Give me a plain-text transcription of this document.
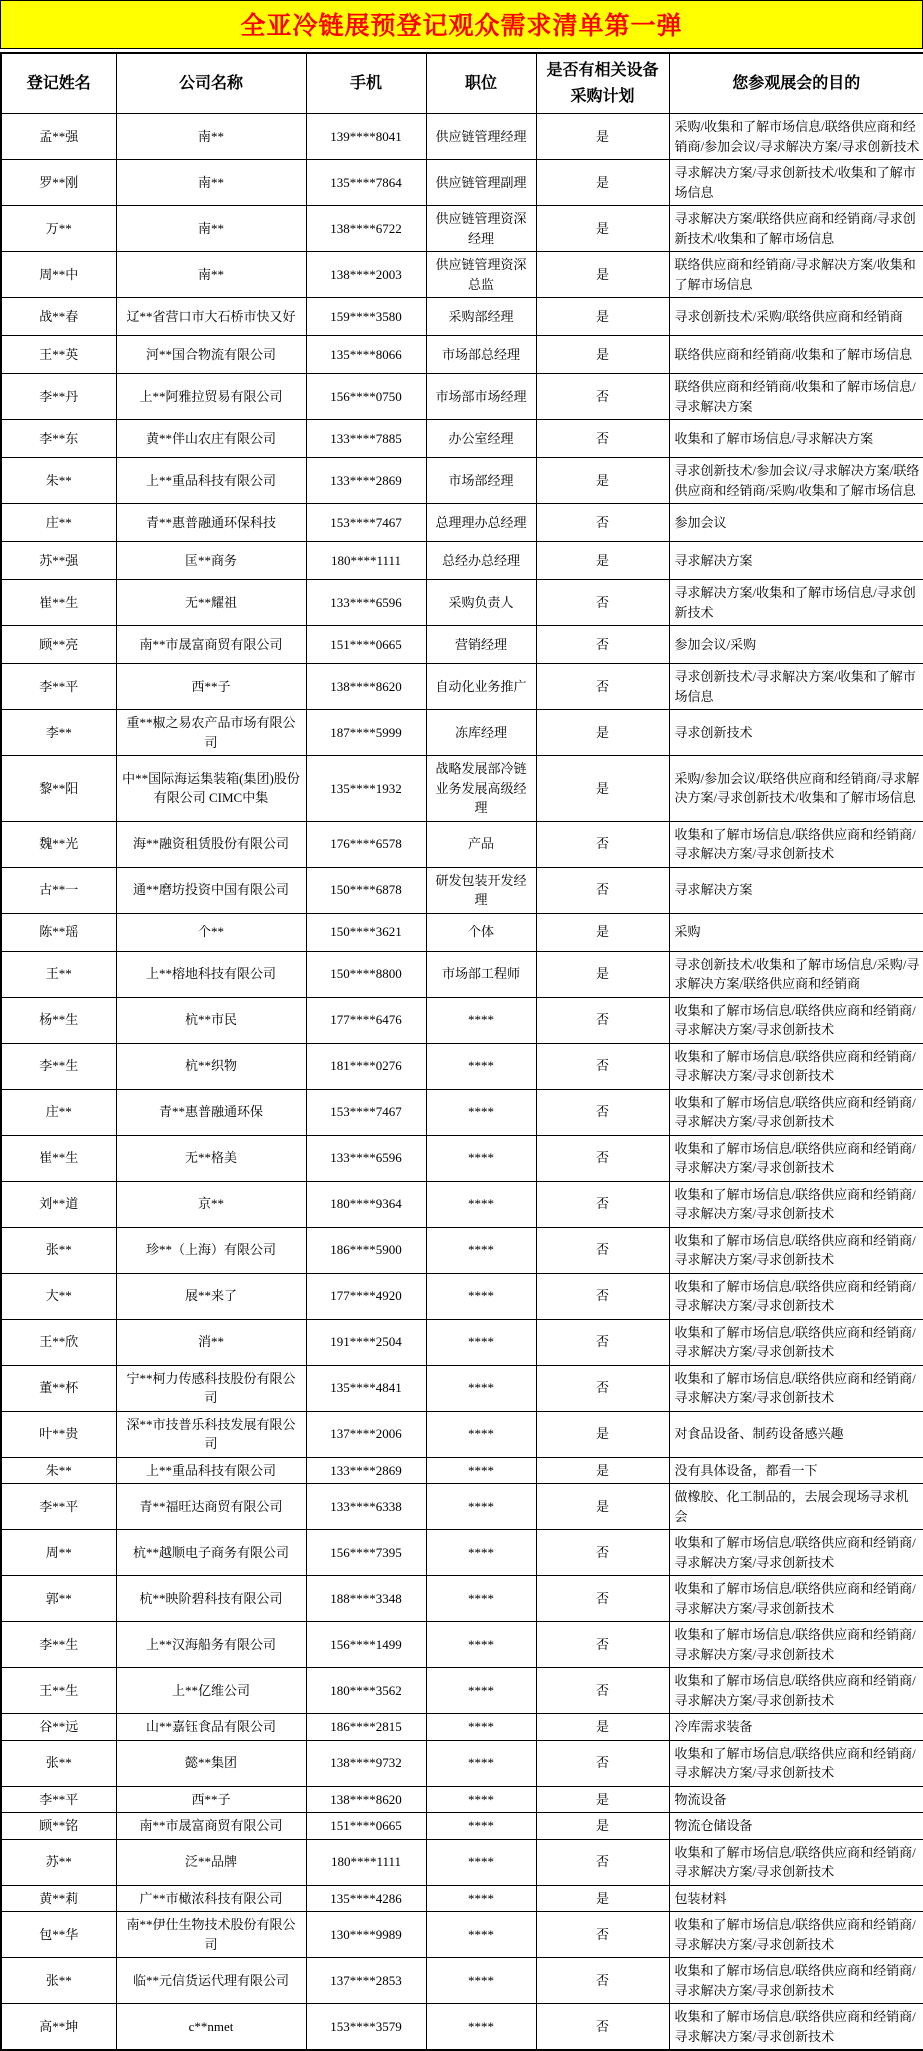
全亚冷链展预登记观众需求清单第一弹
登记姓名	公司名称	手机	职位	是否有相关设备采购计划	您参观展会的目的
孟**强	南**	139****8041	供应链管理经理	是	采购/收集和了解市场信息/联络供应商和经销商/参加会议/寻求解决方案/寻求创新技术
罗**刚	南**	135****7864	供应链管理副理	是	寻求解决方案/寻求创新技术/收集和了解市场信息
万**	南**	138****6722	供应链管理资深经理	是	寻求解决方案/联络供应商和经销商/寻求创新技术/收集和了解市场信息
周**中	南**	138****2003	供应链管理资深总监	是	联络供应商和经销商/寻求解决方案/收集和了解市场信息
战**春	辽**省营口市大石桥市快又好	159****3580	采购部经理	是	寻求创新技术/采购/联络供应商和经销商
王**英	河**国合物流有限公司	135****8066	市场部总经理	是	联络供应商和经销商/收集和了解市场信息
李**丹	上**阿雅拉贸易有限公司	156****0750	市场部市场经理	否	联络供应商和经销商/收集和了解市场信息/寻求解决方案
李**东	黄**伴山农庄有限公司	133****7885	办公室经理	否	收集和了解市场信息/寻求解决方案
朱**	上**重品科技有限公司	133****2869	市场部经理	是	寻求创新技术/参加会议/寻求解决方案/联络供应商和经销商/采购/收集和了解市场信息
庄**	青**惠普融通环保科技	153****7467	总理理办总经理	否	参加会议
苏**强	匡**商务	180****1111	总经办总经理	是	寻求解决方案
崔**生	无**耀祖	133****6596	采购负责人	否	寻求解决方案/收集和了解市场信息/寻求创新技术
顾**亮	南**市晟富商贸有限公司	151****0665	营销经理	否	参加会议/采购
李**平	西**子	138****8620	自动化业务推广	否	寻求创新技术/寻求解决方案/收集和了解市场信息
李**	重**椒之易农产品市场有限公司	187****5999	冻库经理	是	寻求创新技术
黎**阳	中**国际海运集装箱(集团)股份有限公司 CIMC中集	135****1932	战略发展部冷链业务发展高级经理	是	采购/参加会议/联络供应商和经销商/寻求解决方案/寻求创新技术/收集和了解市场信息
魏**光	海**融资租赁股份有限公司	176****6578	产品	否	收集和了解市场信息/联络供应商和经销商/寻求解决方案/寻求创新技术
古**一	通**磨坊投资中国有限公司	150****6878	研发包装开发经理	否	寻求解决方案
陈**瑶	个**	150****3621	个体	是	采购
王**	上**榕地科技有限公司	150****8800	市场部工程师	是	寻求创新技术/收集和了解市场信息/采购/寻求解决方案/联络供应商和经销商
杨**生	杭**市民	177****6476	****	否	收集和了解市场信息/联络供应商和经销商/寻求解决方案/寻求创新技术
李**生	杭**织物	181****0276	****	否	收集和了解市场信息/联络供应商和经销商/寻求解决方案/寻求创新技术
庄**	青**惠普融通环保	153****7467	****	否	收集和了解市场信息/联络供应商和经销商/寻求解决方案/寻求创新技术
崔**生	无**格美	133****6596	****	否	收集和了解市场信息/联络供应商和经销商/寻求解决方案/寻求创新技术
刘**道	京**	180****9364	****	否	收集和了解市场信息/联络供应商和经销商/寻求解决方案/寻求创新技术
张**	珍**（上海）有限公司	186****5900	****	否	收集和了解市场信息/联络供应商和经销商/寻求解决方案/寻求创新技术
大**	展**来了	177****4920	****	否	收集和了解市场信息/联络供应商和经销商/寻求解决方案/寻求创新技术
王**欣	消**	191****2504	****	否	收集和了解市场信息/联络供应商和经销商/寻求解决方案/寻求创新技术
董**杯	宁**柯力传感科技股份有限公司	135****4841	****	否	收集和了解市场信息/联络供应商和经销商/寻求解决方案/寻求创新技术
叶**贵	深**市技普乐科技发展有限公司	137****2006	****	是	对食品设备、制药设备感兴趣
朱**	上**重品科技有限公司	133****2869	****	是	没有具体设备，都看一下
李**平	青**福旺达商贸有限公司	133****6338	****	是	做橡胶、化工制品的，去展会现场寻求机会
周**	杭**越顺电子商务有限公司	156****7395	****	否	收集和了解市场信息/联络供应商和经销商/寻求解决方案/寻求创新技术
郭**	杭**映阶碧科技有限公司	188****3348	****	否	收集和了解市场信息/联络供应商和经销商/寻求解决方案/寻求创新技术
李**生	上**汉海船务有限公司	156****1499	****	否	收集和了解市场信息/联络供应商和经销商/寻求解决方案/寻求创新技术
王**生	上**亿维公司	180****3562	****	否	收集和了解市场信息/联络供应商和经销商/寻求解决方案/寻求创新技术
谷**远	山**嘉钰食品有限公司	186****2815	****	是	冷库需求装备
张**	懿**集团	138****9732	****	否	收集和了解市场信息/联络供应商和经销商/寻求解决方案/寻求创新技术
李**平	西**子	138****8620	****	是	物流设备
顾**铭	南**市晟富商贸有限公司	151****0665	****	是	物流仓储设备
苏**	泛**品牌	180****1111	****	否	收集和了解市场信息/联络供应商和经销商/寻求解决方案/寻求创新技术
黄**莉	广**市橄浓科技有限公司	135****4286	****	是	包装材料
包**华	南**伊仕生物技术股份有限公司	130****9989	****	否	收集和了解市场信息/联络供应商和经销商/寻求解决方案/寻求创新技术
张**	临**元信货运代理有限公司	137****2853	****	否	收集和了解市场信息/联络供应商和经销商/寻求解决方案/寻求创新技术
高**坤	c**nmet	153****3579	****	否	收集和了解市场信息/联络供应商和经销商/寻求解决方案/寻求创新技术
